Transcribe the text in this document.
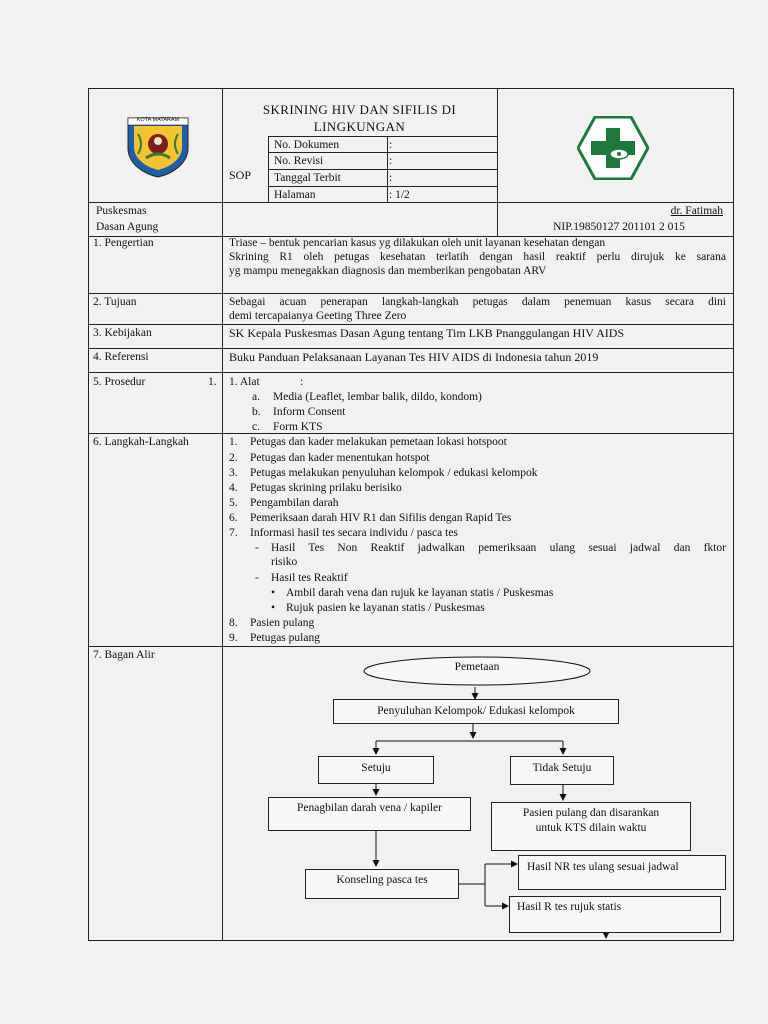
KOTA MATARAM
SKRINING HIV DAN SIFILIS DI
LINGKUNGAN
SOP
No. Dokumen	:
No. Revisi	:
Tanggal Terbit	:
Halaman	: 1/2
Puskesmas
Dasan Agung
dr. Fatimah
NIP.19850127 201101 2 015
1. Pengertian	Triase – bentuk pencarian kasus yg dilakukan oleh unit layanan kesehatan dengan
Skrining R1 oleh petugas kesehatan terlatih dengan hasil reaktif perlu dirujuk ke sarana
yg mampu menegakkan diagnosis dan memberikan pengobatan ARV
2. Tujuan	Sebagai acuan penerapan langkah-langkah petugas dalam penemuan kasus secara dini
demi tercapaianya Geeting Three Zero
3. Kebijakan	SK Kepala Puskesmas Dasan Agung tentang Tim LKB Pnanggulangan HIV AIDS
4. Referensi	Buku Panduan Pelaksanaan Layanan Tes HIV AIDS di Indonesia tahun 2019
5. Prosedur	1. 1. Alat	:
a. Media (Leaflet, lembar balik, dildo, kondom)
b. Inform Consent
c. Form KTS
6. Langkah-Langkah	1. Petugas dan kader melakukan pemetaan lokasi hotspoot
2. Petugas dan kader menentukan hotspot
3. Petugas melakukan penyuluhan kelompok / edukasi kelompok
4. Petugas skrining prilaku berisiko
5. Pengambilan darah
6. Pemeriksaan darah HIV R1 dan Sifilis dengan Rapid Tes
7. Informasi hasil tes secara individu / pasca tes
- Hasil Tes Non Reaktif jadwalkan pemeriksaan ulang sesuai jadwal dan fktor
risiko
- Hasil tes Reaktif
• Ambil darah vena dan rujuk ke layanan statis / Puskesmas
• Rujuk pasien ke layanan statis / Puskesmas
8. Pasien pulang
9. Petugas pulang
7. Bagan Alir
Pemetaan
Penyuluhan Kelompok/ Edukasi kelompok
Setuju	Tidak Setuju
Penagbilan darah vena / kapiler	Pasien pulang dan disarankan
untuk KTS dilain waktu
Konseling pasca tes
Hasil NR tes ulang sesuai jadwal
Hasil R tes rujuk statis
